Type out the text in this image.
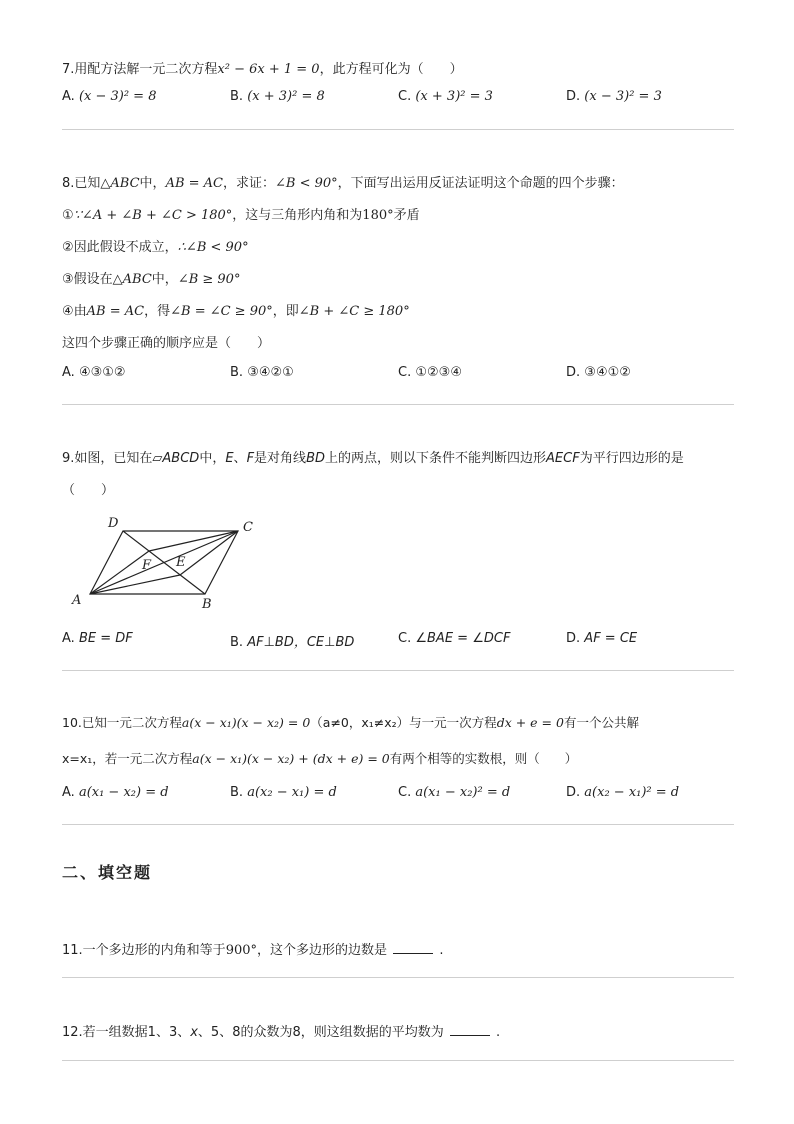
7.用配方法解一元二次方程x² − 6x + 1 = 0，此方程可化为（　　）
A. (x − 3)² = 8	B. (x + 3)² = 8	C. (x + 3)² = 3	D. (x − 3)² = 3
8.已知△ABC中，AB = AC，求证：∠B < 90°，下面写出运用反证法证明这个命题的四个步骤：
①∵∠A + ∠B + ∠C > 180°，这与三角形内角和为180°矛盾
②因此假设不成立，∴∠B < 90°
③假设在△ABC中，∠B ≥ 90°
④由AB = AC，得∠B = ∠C ≥ 90°，即∠B + ∠C ≥ 180°
这四个步骤正确的顺序应是（　　）
A. ④③①②	B. ③④②①	C. ①②③④	D. ③④①②
9.如图，已知在▱ABCD中，E、F是对角线BD上的两点，则以下条件不能判断四边形AECF为平行四边形的是
（　　）
D	C
A	B
F E
A. BE = DF	B. AF⊥BD，CE⊥BD	C. ∠BAE = ∠DCF	D. AF = CE
10.已知一元二次方程a(x − x₁)(x − x₂) = 0（a≠0，x₁≠x₂）与一元一次方程dx + e = 0有一个公共解
x=x₁，若一元二次方程a(x − x₁)(x − x₂) + (dx + e) = 0有两个相等的实数根，则（　　）
A. a(x₁ − x₂) = d	B. a(x₂ − x₁) = d	C. a(x₁ − x₂)² = d	D. a(x₂ − x₁)² = d
二、填空题
11.一个多边形的内角和等于900°，这个多边形的边数是	.
12.若一组数据1、3、x、5、8的众数为8，则这组数据的平均数为	.
